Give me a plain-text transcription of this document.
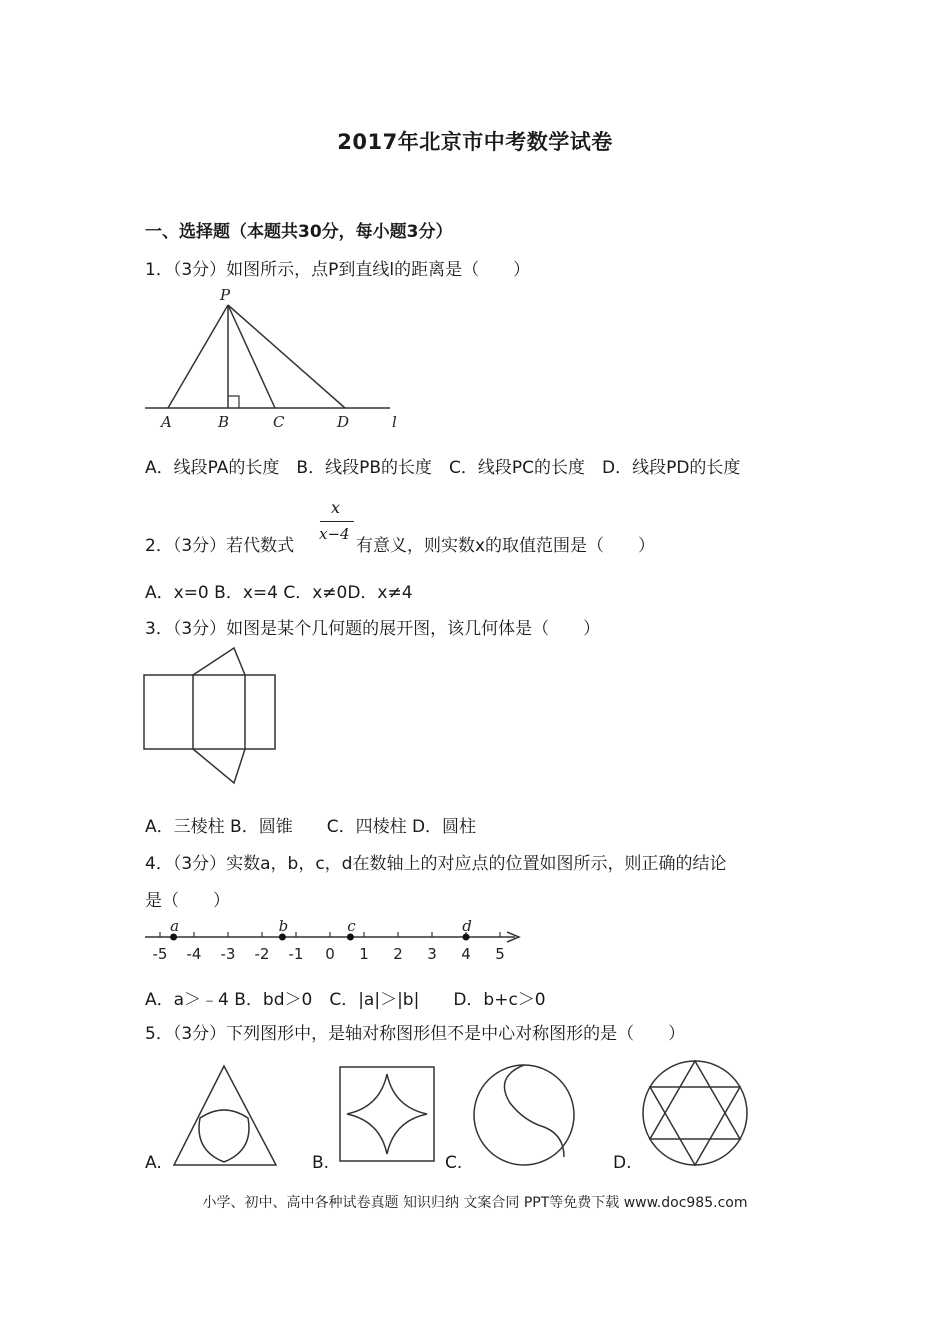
2017年北京市中考数学试卷
一、选择题（本题共30分，每小题3分）
1．（3分）如图所示，点P到直线l的距离是（　　）
P
A	B	C	D	l
A．线段PA的长度　B．线段PB的长度　C．线段PC的长度　D．线段PD的长度
2．（3分）若代数式
x
x−4
有意义，则实数x的取值范围是（　　）
A．x=0 B．x=4 C．x≠0D．x≠4
3．（3分）如图是某个几何题的展开图，该几何体是（　　）
A．三棱柱 B．圆锥　　C．四棱柱 D．圆柱
4．（3分）实数a，b，c，d在数轴上的对应点的位置如图所示，则正确的结论
是（　　）
-5 -4 -3 -2 -1 0 1 2 3 4 5
a	b	c	d
A．a＞﹣4 B．bd＞0　C．|a|＞|b|　　D．b+c＞0
5．（3分）下列图形中，是轴对称图形但不是中心对称图形的是（　　）
A.	B.	C.	D.
小学、初中、高中各种试卷真题 知识归纳 文案合同 PPT等免费下载 www.doc985.com
